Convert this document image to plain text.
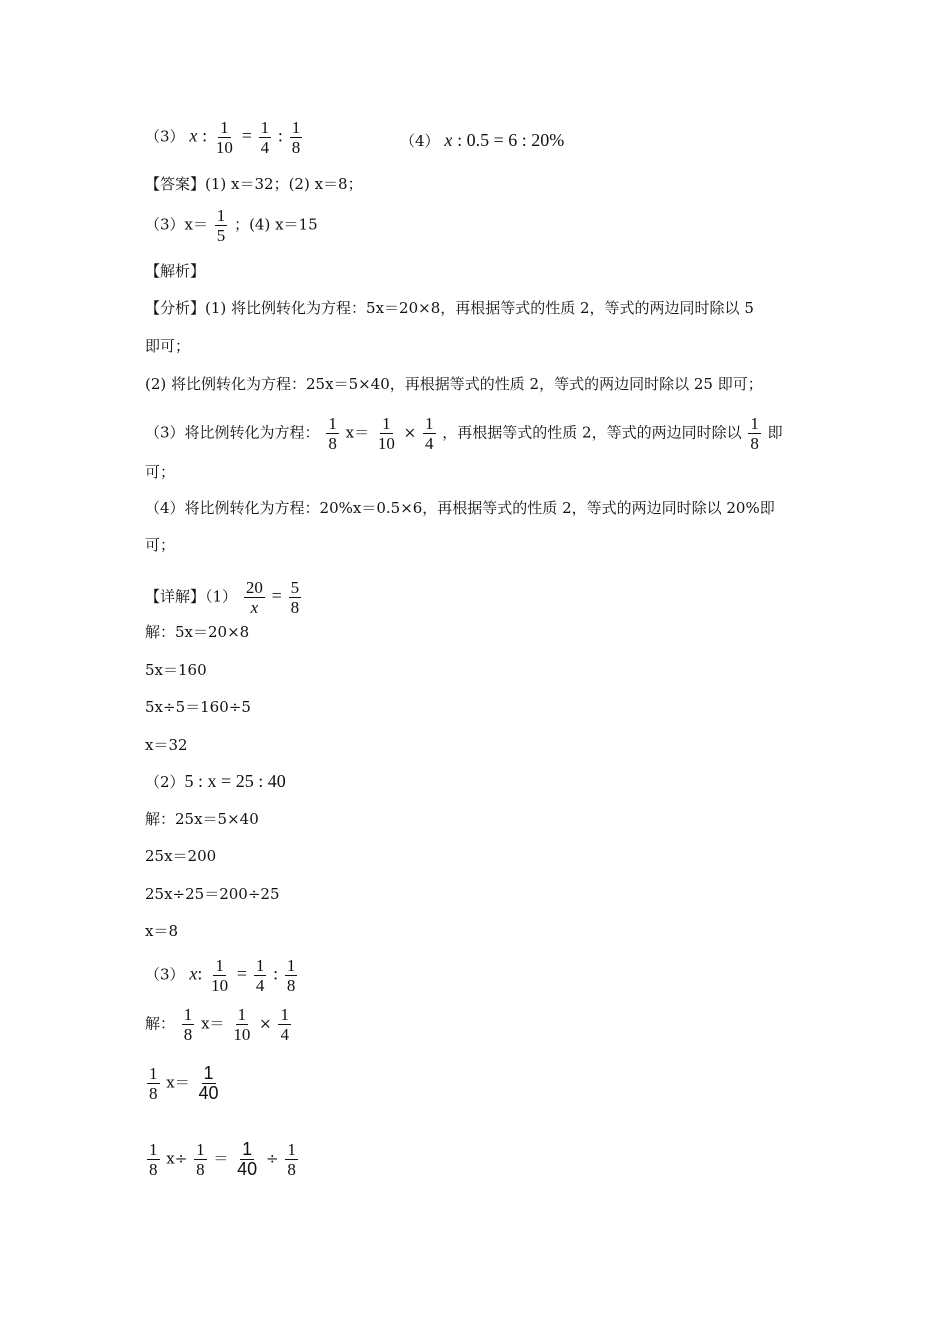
（3） x : $\frac{1}{10} = \frac{1}{4}$ : $\frac{1}{8}$	（4） x : 0.5 = 6 : 20%
【答案】(1) x＝32；(2) x＝8；
$(3)x= \frac{1}{5}$ ；(4) x＝15
【解析】
【分析】(1) 将比例转化为方程：5x＝20×8，再根据等式的性质 2，等式的两边同时除以 5
即可；
(2) 将比例转化为方程：25x＝5×40，再根据等式的性质 2，等式的两边同时除以 25 即可；
（3）将比例转化为方程： $\frac{1}{8} x= \frac{1}{10} \times \frac{1}{4}$ ，再根据等式的性质 2，等式的两边同时除以 $\frac{1}{8}$ 即
可；
（4）将比例转化为方程：20%x＝0.5×6，再根据等式的性质 2，等式的两边同时除以 20%即
可；
【详解】$(1) \frac{20}{x} = \frac{5}{8}$
解：5x＝20×8
5x＝160
5x÷5＝160÷5
x＝32
（2）5 : x = 25 : 40
解：25x＝5×40
25x＝200
25x÷25＝200÷25
x＝8
（3） x: $\frac{1}{10} = \frac{1}{4}$ : $\frac{1}{8}$
解： $\frac{1}{8} x= \frac{1}{10} \times \frac{1}{4}$
$\frac{1}{8} x= \frac{1}{40}$
$\frac{1}{8} x\div \frac{1}{8} = \frac{1}{40} \div \frac{1}{8}$
